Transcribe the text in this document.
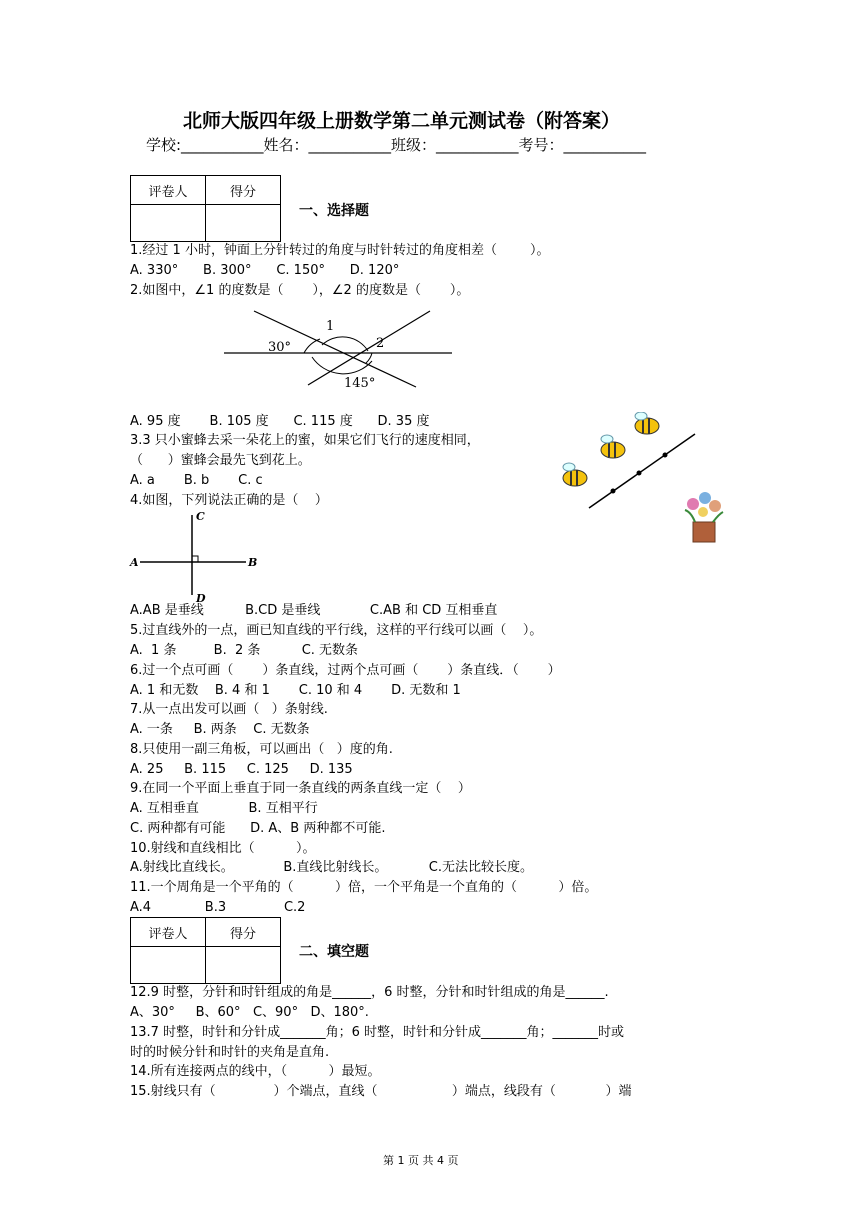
北师大版四年级上册数学第二单元测试卷（附答案）
学校:___________姓名：___________班级：___________考号：___________
评卷人	得分

一、选择题
1.经过 1 小时，钟面上分针转过的角度与时针转过的角度相差（        ）。
A. 330°      B. 300°      C. 150°      D. 120°
2.如图中，∠1 的度数是（       ），∠2 的度数是（       ）。
30°
1
2
145°
A. 95 度       B. 105 度      C. 115 度      D. 35 度
3.3 只小蜜蜂去采一朵花上的蜜，如果它们飞行的速度相同，
（      ）蜜蜂会最先飞到花上。
A. a       B. b       C. c
4.如图，下列说法正确的是（    ）
A	B
C
D
A.AB 是垂线          B.CD 是垂线            C.AB 和 CD 互相垂直
5.过直线外的一点，画已知直线的平行线，这样的平行线可以画（    ）。
A.  1 条         B.  2 条          C. 无数条
6.过一个点可画（       ）条直线，过两个点可画（       ）条直线．（       ）
A. 1 和无数    B. 4 和 1       C. 10 和 4       D. 无数和 1
7.从一点出发可以画（   ）条射线.
A. 一条     B. 两条    C. 无数条
8.只使用一副三角板，可以画出（   ）度的角.
A. 25     B. 115     C. 125     D. 135
9.在同一个平面上垂直于同一条直线的两条直线一定（    ）
A. 互相垂直            B. 互相平行
C. 两种都有可能      D. A、B 两种都不可能.
10.射线和直线相比（          ）。
A.射线比直线长。            B.直线比射线长。          C.无法比较长度。
11.一个周角是一个平角的（          ）倍，一个平角是一个直角的（          ）倍。
A.4             B.3              C.2
评卷人	得分

二、填空题
12.9 时整，分针和时针组成的角是______，6 时整，分针和时针组成的角是______.
A、30°     B、60°   C、90°   D、180°.
13.7 时整，时针和分针成_______角；6 时整，时针和分针成_______角；_______时或
时的时候分针和时针的夹角是直角.
14.所有连接两点的线中，（          ）最短。
15.射线只有（              ）个端点，直线（                  ）端点，线段有（            ）端
第 1 页 共 4 页
